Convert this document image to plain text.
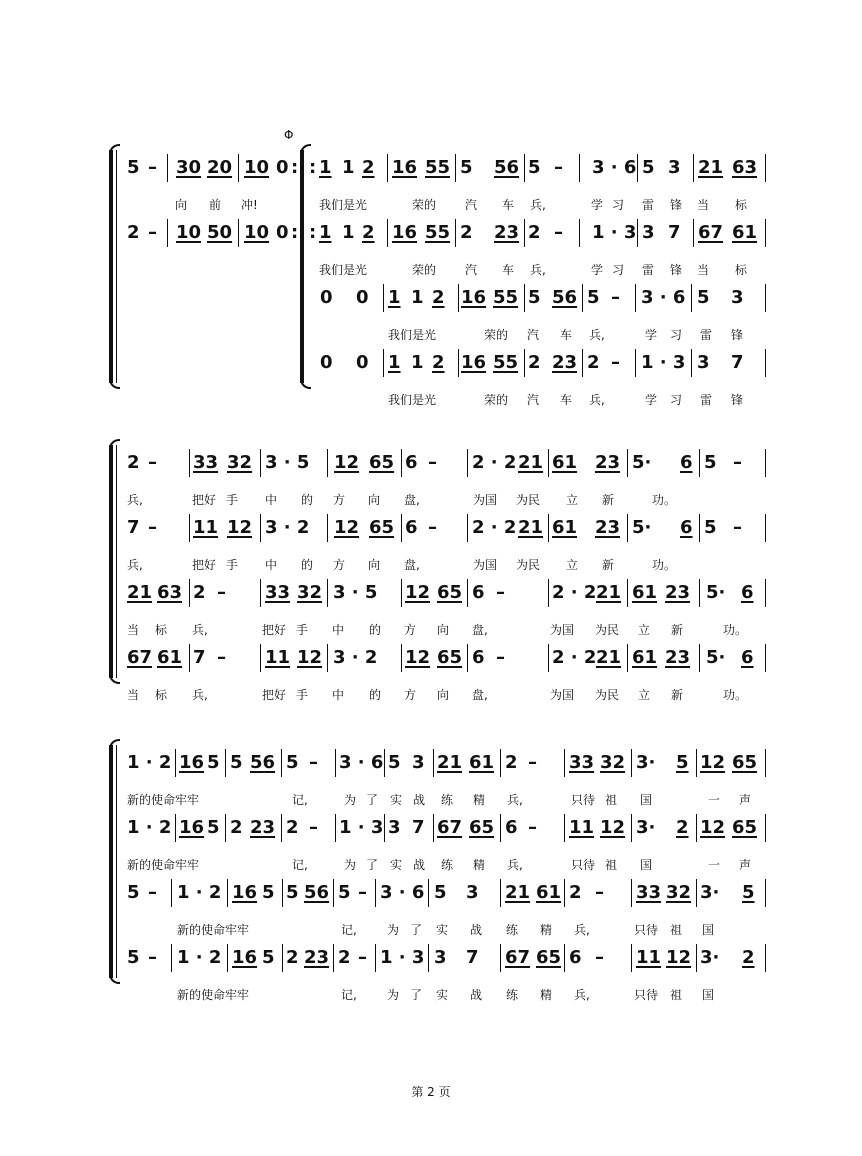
Φ
5 – 30 20 10 0 : : 1 1 2 16 55 5 56 5 – 3 · 6 5 3 21 63
向 前 冲!	我们是光	荣的 汽 车 兵,	学 习 雷 锋 当 标
2 – 10 50 10 0 : : 1 1 2 16 55 2 23 2 – 1 · 3 3 7 67 61
我们是光	荣的 汽 车 兵,	学 习 雷 锋 当 标
0 0 1 1 2 16 55 5 56 5 – 3 · 6 5 3
我们是光	荣的 汽 车 兵,	学 习 雷 锋
0 0 1 1 2 16 55 2 23 2 – 1 · 3 3 7
我们是光	荣的 汽 车 兵,	学 习 雷 锋
2 – 33 32 3 · 5 12 65 6 – 2 · 2 21 61 23 5· 6 5 –
兵,	把好 手 中 的 方 向 盘,	为国 为民 立 新	功。
7 – 11 12 3 · 2 12 65 6 – 2 · 2 21 61 23 5· 6 5 –
兵,	把好 手 中 的 方 向 盘,	为国 为民 立 新	功。
21 63 2 – 33 32 3 · 5 12 65 6 –	2 · 2 21 61 23 5· 6
当 标 兵,	把好 手 中 的 方 向 盘,	为国 为民 立 新	功。
67 61 7 – 11 12 3 · 2 12 65 6 –	2 · 2 21 61 23 5· 6
当 标 兵,	把好 手 中 的 方 向 盘,	为国 为民 立 新	功。
1 · 2 16 5 5 56 5 – 3 · 6 5 3 21 61 2 – 33 32 3· 5 12 65
新的使命牢牢	记,	为 了 实 战 练 精 兵,	只待 祖 国	一 声
1 · 2 16 5 2 23 2 – 1 · 3 3 7 67 65 6 – 11 12 3· 2 12 65
新的使命牢牢	记,	为 了 实 战 练 精 兵,	只待 祖 国	一 声
5 – 1 · 2 16 5 5 56 5 – 3 · 6 5 3 21 61 2 – 33 32 3· 5
新的使命牢牢	记,	为 了 实 战 练 精 兵,	只待 祖 国
5 – 1 · 2 16 5 2 23 2 – 1 · 3 3 7 67 65 6 – 11 12 3· 2
新的使命牢牢	记,	为 了 实 战 练 精 兵,	只待 祖 国
第 2 页
